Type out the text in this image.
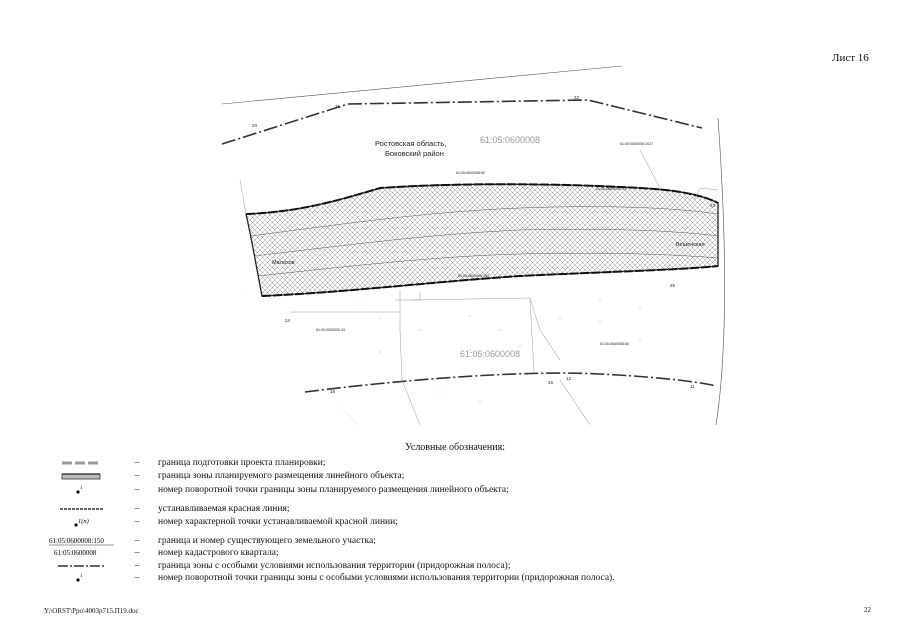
Лист 16
Ростовская область,
Боковский район
61:05:0600008
61:05:0600008
Малахов
Вешенская
20
21
22
23
24
25
18
16
12
11
61:05:0600008:2027
61:05:0600008:82
61:05:0600008:110
61:05:0600008:150
61:00:0000000:43
61:05:0600008:60
Условные обозначения:
–	граница подготовки проекта планировки;
–	граница зоны планируемого размещения линейного объекта;
1	–	номер поворотной точки границы зоны планируемого размещения линейного объекта;
–	устанавливаемая красная линия;
1(n)	–	номер характерной точки устанавливаемой красной линии;
61:05:0600008:150	–	граница и номер существующего земельного участка;
61:05:0600008	–	номер кадастрового квартала;
–	граница зоны с особыми условиями использования территории (придорожная полоса);
1	–	номер поворотной точки границы зоны с особыми условиями использования территории (придорожная полоса).
Y:\ORST\Ppo\4003p715.П19.doc	22
